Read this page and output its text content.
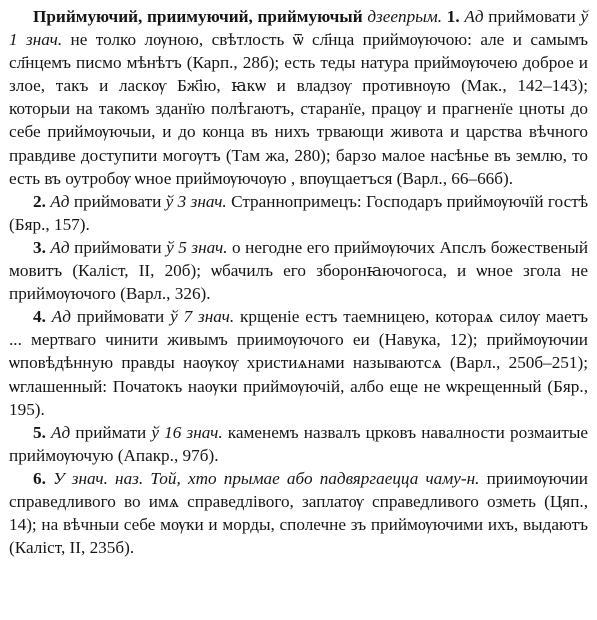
Приймуючий, приимуючий, приймуючый дзеепрым. 1. Ад приймовати ў 1 знач. не толко лѹною, свѣтлость ѿ сл҃нца приймѹючою: але и самымъ сл҃нцемъ писмо мѣнѣтъ (Карп., 28б); есть теды натура приймѹючею доброе и злое, такъ и ласкѹ Бж҃ію, ꙗкѡ и владзѹ противнѹю (Мак., 142–143); которыи на такомъ зданїю полѣгаютъ, старанїе, працѹ и прагненїе цноты до себе приймѹючыи, и до конца въ нихъ трвающи живота и царства вѣчного правдиве доступити могѹтъ (Там жа, 280); барзо малое насѣнье въ землю, то есть въ оутробѹ ѡное приймѹючѹю , впѹщаетъся (Варл., 66–66б).

2. Ад приймовати ў 3 знач. Страннопримецъ: Господаръ приймѹючїй гостѣ (Бяр., 157).

3. Ад приймовати ў 5 знач. о негодне его приймѹючих Апслъ божественый мовитъ (Каліст, II, 20б); ѡбачилъ его зборонꙗючогоса, и ѡное згола не приймѹючого (Варл., 326).

4. Ад приймовати ў 7 знач. крщеніе естъ таемницею, котораѧ силѹ маетъ ... мертваго чинити живымъ приимѹючого еи (Навука, 12); приймѹючии ѡповѣдѣнную правды наѹкѹ христиѧнами называютсѧ (Варл., 250б–251); ѡглашенный: Початокъ наѹки приймѹючій, албо еще не ѡкрещенный (Бяр., 195).

5. Ад приймати ў 16 знач. каменемъ назвалъ црковъ навалности розмаитые приймѹючую (Апакр., 97б).

6. У знач. наз. Той, хто прымае або падвяргаецца чаму-н. приимѹючии справедливого во имѧ справедлівого, заплатѹ справедливого озметь (Цяп., 14); на вѣчныи себе мѹки и морды, сполечне зъ приймѹючими ихъ, выдаютъ (Каліст, II, 235б).
